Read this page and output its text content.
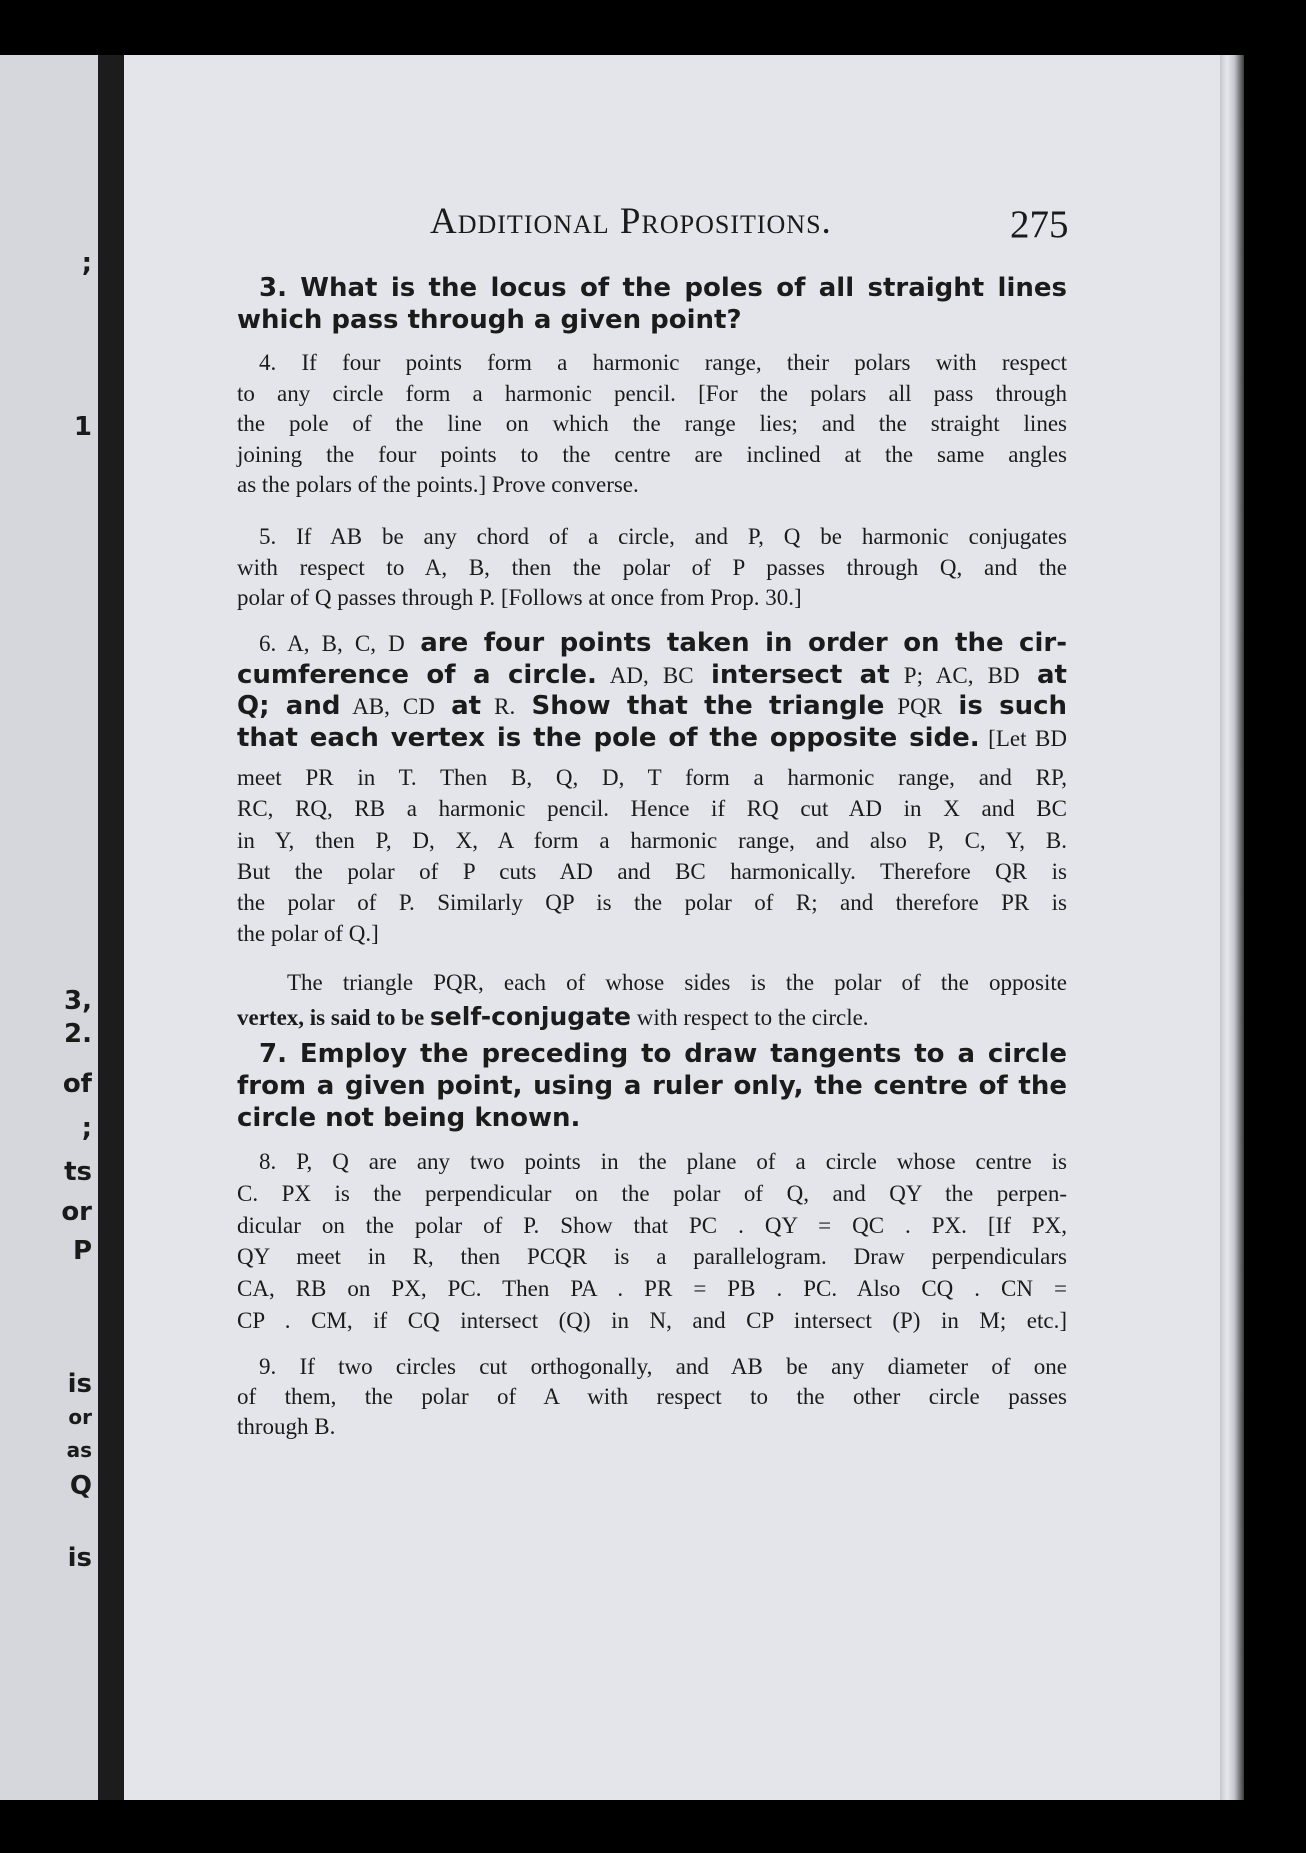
;
1
3,
2.
of
;
ts
or
P
is
or
as
Q
is
Additional Propositions.	275
3. What is the locus of the poles of all straight lines
which pass through a given point?
4. If four points form a harmonic range, their polars with respect
to any circle form a harmonic pencil. [For the polars all pass through
the pole of the line on which the range lies; and the straight lines
joining the four points to the centre are inclined at the same angles
as the polars of the points.] Prove converse.
5. If AB be any chord of a circle, and P, Q be harmonic conjugates
with respect to A, B, then the polar of P passes through Q, and the
polar of Q passes through P. [Follows at once from Prop. 30.]
6. A, B, C, D are four points taken in order on the cir-
cumference of a circle. AD, BC intersect at P; AC, BD at
Q; and AB, CD at R. Show that the triangle PQR is such
that each vertex is the pole of the opposite side. [Let BD
meet PR in T. Then B, Q, D, T form a harmonic range, and RP,
RC, RQ, RB a harmonic pencil. Hence if RQ cut AD in X and BC
in Y, then P, D, X, A form a harmonic range, and also P, C, Y, B.
But the polar of P cuts AD and BC harmonically. Therefore QR is
the polar of P. Similarly QP is the polar of R; and therefore PR is
the polar of Q.]
The triangle PQR, each of whose sides is the polar of the opposite
vertex, is said to be self-conjugate with respect to the circle.
7. Employ the preceding to draw tangents to a circle
from a given point, using a ruler only, the centre of the
circle not being known.
8. P, Q are any two points in the plane of a circle whose centre is
C. PX is the perpendicular on the polar of Q, and QY the perpen-
dicular on the polar of P. Show that PC . QY = QC . PX. [If PX,
QY meet in R, then PCQR is a parallelogram. Draw perpendiculars
CA, RB on PX, PC. Then PA . PR = PB . PC. Also CQ . CN =
CP . CM, if CQ intersect (Q) in N, and CP intersect (P) in M; etc.]
9. If two circles cut orthogonally, and AB be any diameter of one
of them, the polar of A with respect to the other circle passes
through B.
